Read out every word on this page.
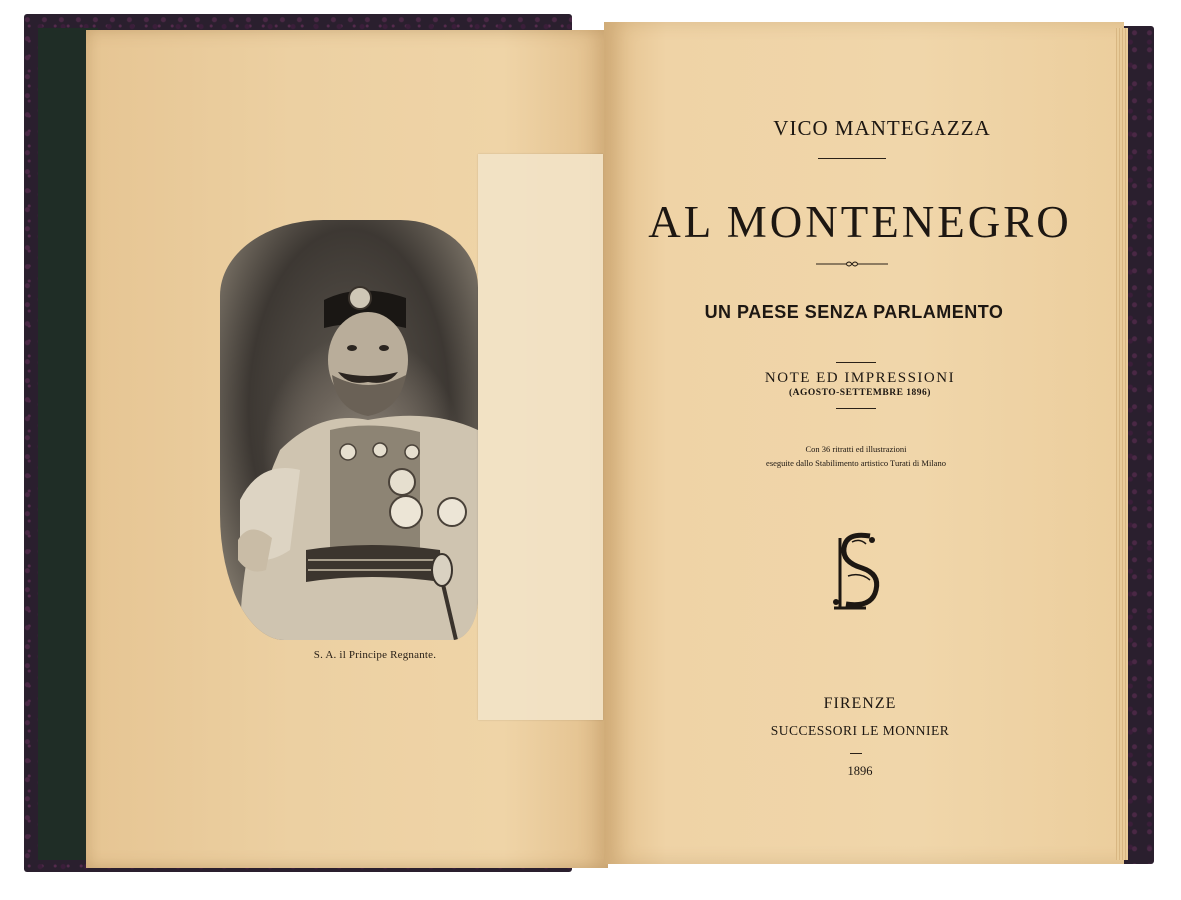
S. A. il Principe Regnante.

VICO MANTEGAZZA

AL MONTENEGRO

UN PAESE SENZA PARLAMENTO

NOTE ED IMPRESSIONI

(AGOSTO-SETTEMBRE 1896)

Con 36 ritratti ed illustrazioni
eseguite dallo Stabilimento artistico Turati di Milano

FIRENZE

SUCCESSORI LE MONNIER

1896
